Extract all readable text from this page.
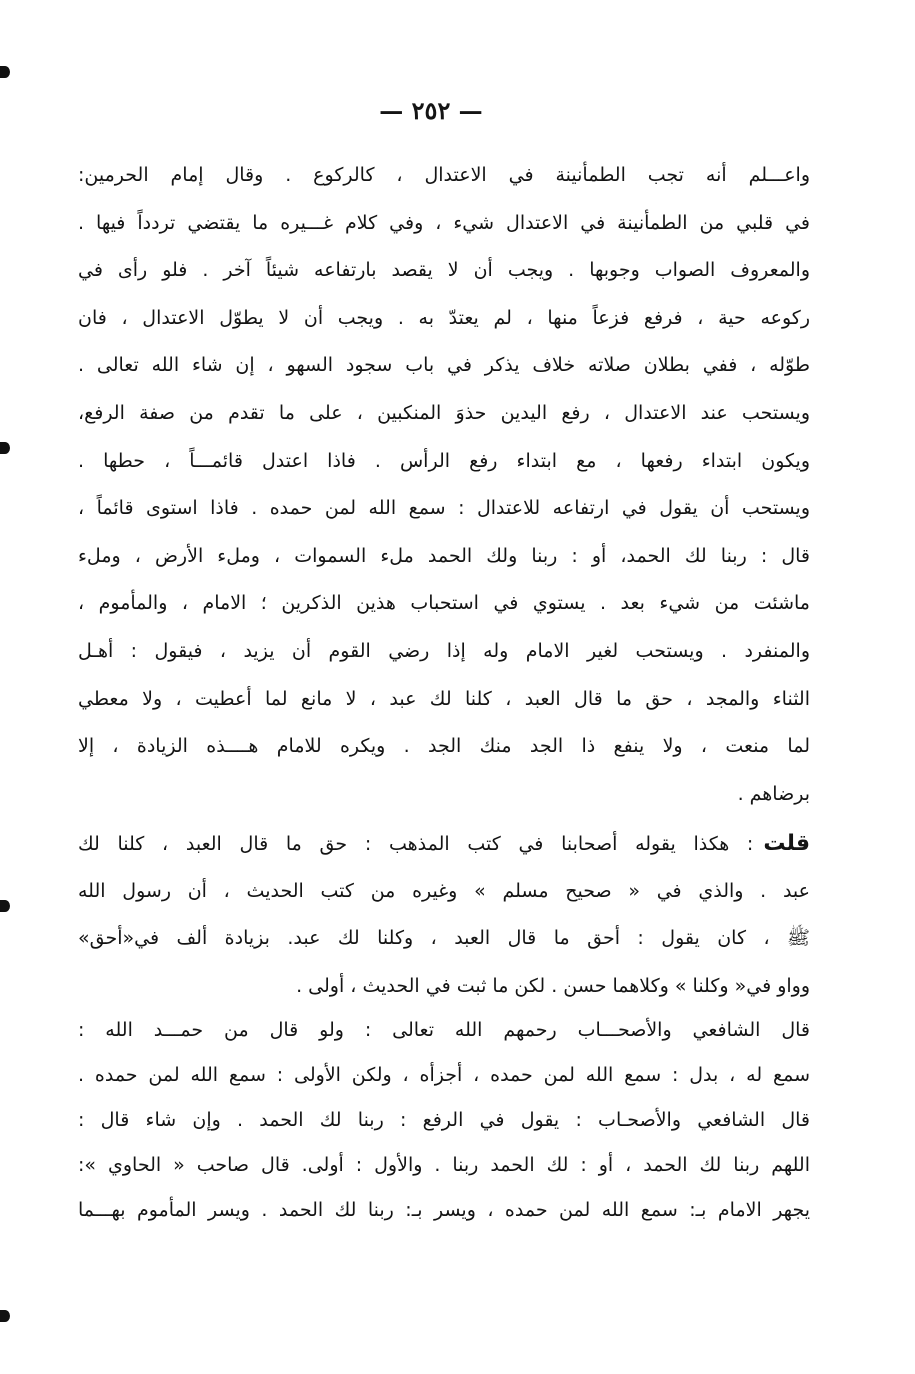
— ٢٥٢ —
واعـــلم أنه تجب الطمأنينة في الاعتدال ، كالركوع . وقال إمام الحرمين:
في قلبي من الطمأنينة في الاعتدال شيء ، وفي كلام غـــيره ما يقتضي تردداً فيها .
والمعروف الصواب وجوبها . ويجب أن لا يقصد بارتفاعه شيئاً آخر . فلو رأى في
ركوعه حية ، فرفع فزعاً منها ، لم يعتدّ به . ويجب أن لا يطوّل الاعتدال ، فان
طوّله ، ففي بطلان صلاته خلاف يذكر في باب سجود السهو ، إن شاء الله تعالى .
ويستحب عند الاعتدال ، رفع اليدين حذوَ المنكبين ، على ما تقدم من صفة الرفع،
ويكون ابتداء رفعها ، مع ابتداء رفع الرأس . فاذا اعتدل قائمـــاً ، حطها .
ويستحب أن يقول في ارتفاعه للاعتدال : سمع الله لمن حمده . فاذا استوى قائماً ،
قال : ربنا لك الحمد، أو : ربنا ولك الحمد ملء السموات ، وملء الأرض ، وملء
ماشئت من شيء بعد . يستوي في استحباب هذين الذكرين ؛ الامام ، والمأموم ،
والمنفرد . ويستحب لغير الامام وله إذا رضي القوم أن يزيد ، فيقول : أهـل
الثناء والمجد ، حق ما قال العبد ، كلنا لك عبد ، لا مانع لما أعطيت ، ولا معطي
لما منعت ، ولا ينفع ذا الجد منك الجد . ويكره للامام هــــذه الزيادة ، إلا
برضاهم .
قلت: هكذا يقوله أصحابنا في كتب المذهب : حق ما قال العبد ، كلنا لك
عبد . والذي في « صحيح مسلم » وغيره من كتب الحديث ، أن رسول الله
ﷺ ، كان يقول : أحق ما قال العبد ، وكلنا لك عبد. بزيادة ألف في«أحق»
وواو في« وكلنا » وكلاهما حسن . لكن ما ثبت في الحديث ، أولى .
قال الشافعي والأصحـــاب رحمهم الله تعالى : ولو قال من حمـــد الله :
سمع له ، بدل : سمع الله لمن حمده ، أجزأه ، ولكن الأولى : سمع الله لمن حمده .
قال الشافعي والأصحـاب : يقول في الرفع : ربنا لك الحمد . وإن شاء قال :
اللهم ربنا لك الحمد ، أو : لك الحمد ربنا . والأول : أولى. قال صاحب « الحاوي »:
يجهر الامام بـ: سمع الله لمن حمده ، ويسر بـ: ربنا لك الحمد . ويسر المأموم بهـــما
